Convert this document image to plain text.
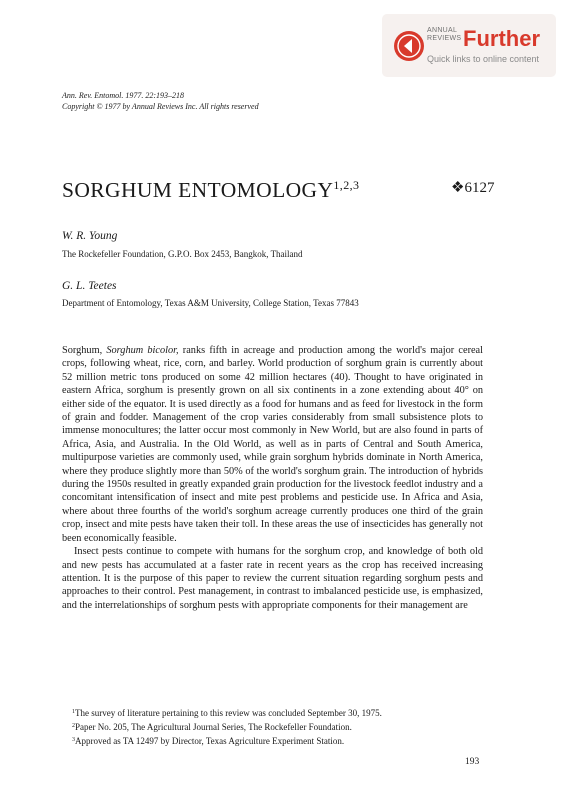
ANNUAL
REVIEWS Further
Quick links to online content
Ann. Rev. Entomol. 1977. 22:193–218
Copyright © 1977 by Annual Reviews Inc. All rights reserved
SORGHUM ENTOMOLOGY$^{1,2,3}$	❖6127
W. R. Young
The Rockefeller Foundation, G.P.O. Box 2453, Bangkok, Thailand
G. L. Teetes
Department of Entomology, Texas A&M University, College Station, Texas 77843

Sorghum, Sorghum bicolor, ranks fifth in acreage and production among the world's major cereal crops, following wheat, rice, corn, and barley. World production of sorghum grain is currently about 52 million metric tons produced on some 42 million hectares (40). Thought to have originated in eastern Africa, sorghum is presently grown on all six continents in a zone extending about 40° on either side of the equator. It is used directly as a food for humans and as feed for livestock in the form of grain and fodder. Management of the crop varies considerably from small subsistence plots to immense monocultures; the latter occur most commonly in New World, but are also found in parts of Africa, Asia, and Australia. In the Old World, as well as in parts of Central and South America, multipurpose varieties are commonly used, while grain sorghum hybrids dominate in North America, where they produce slightly more than 50% of the world's sorghum grain. The introduction of hybrids during the 1950s resulted in greatly expanded grain production for the livestock feedlot industry and a concomitant intensification of insect and mite pest problems and pesticide use. In Africa and Asia, where about three fourths of the world's sorghum acreage currently produces one third of the grain crop, insect and mite pests have taken their toll. In these areas the use of insecticides has generally not been economically feasible.

Insect pests continue to compete with humans for the sorghum crop, and knowledge of both old and new pests has accumulated at a faster rate in recent years as the crop has received increasing attention. It is the purpose of this paper to review the current situation regarding sorghum pests and approaches to their control. Pest management, in contrast to imbalanced pesticide use, is emphasized, and the interrelationships of sorghum pests with appropriate components for their management are

$^1$The survey of literature pertaining to this review was concluded September 30, 1975.
$^2$Paper No. 205, The Agricultural Journal Series, The Rockefeller Foundation.
$^3$Approved as TA 12497 by Director, Texas Agriculture Experiment Station.
193
